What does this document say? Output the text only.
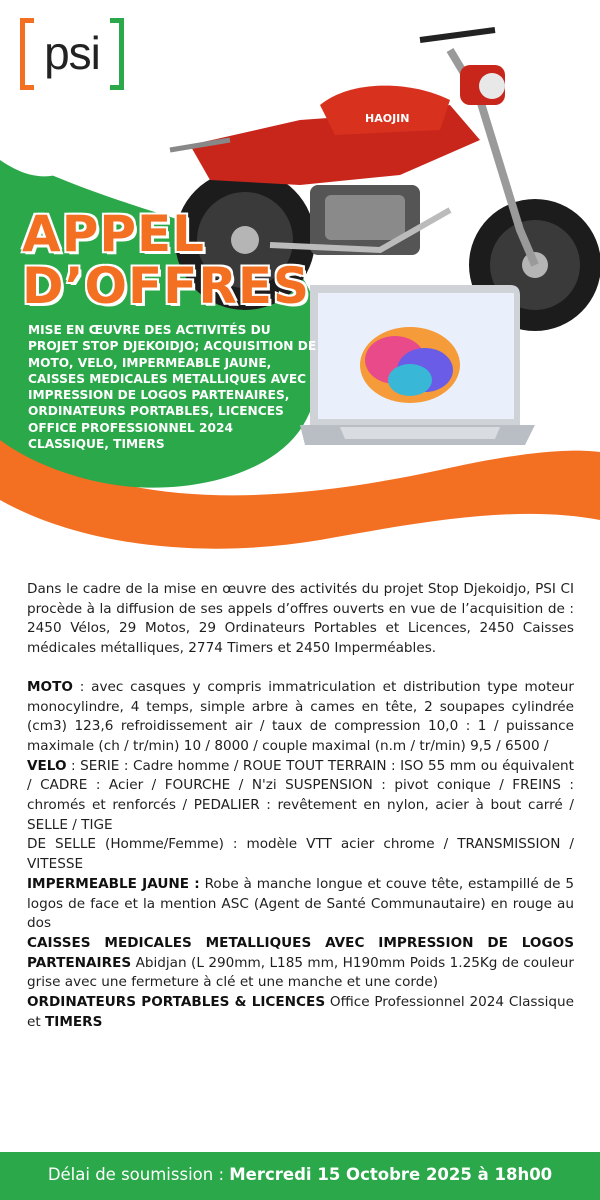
HAOJIN
psi
APPEL
D’OFFRES
MISE EN ŒUVRE DES ACTIVITÉS DU PROJET STOP DJEKOIDJO; ACQUISITION DE MOTO, VELO, IMPERMEABLE JAUNE, CAISSES MEDICALES METALLIQUES AVEC IMPRESSION DE LOGOS PARTENAIRES, ORDINATEURS PORTABLES, LICENCES OFFICE PROFESSIONNEL 2024 CLASSIQUE, TIMERS

Dans le cadre de la mise en œuvre des activités du projet Stop Djekoidjo, PSI CI procède à la diffusion de ses appels d’offres ouverts en vue de l’acquisition de : 2450 Vélos, 29 Motos, 29 Ordinateurs Portables et Licences, 2450 Caisses médicales métalliques, 2774 Timers et 2450 Imperméables.

MOTO : avec casques y compris immatriculation et distribution type moteur monocylindre, 4 temps, simple arbre à cames en tête, 2 soupapes cylindrée (cm3) 123,6 refroidissement air / taux de compression 10,0 : 1 / puissance maximale (ch / tr/min) 10 / 8000 / couple maximal (n.m / tr/min) 9,5 / 6500 /

VELO : SERIE : Cadre homme / ROUE TOUT TERRAIN : ISO 55 mm ou équivalent / CADRE : Acier / FOURCHE / N'zi SUSPENSION : pivot conique / FREINS : chromés et renforcés / PEDALIER : revêtement en nylon, acier à bout carré / SELLE / TIGE

DE SELLE (Homme/Femme) : modèle VTT acier chrome / TRANSMISSION / VITESSE

IMPERMEABLE JAUNE : Robe à manche longue et couve tête, estampillé de 5 logos de face et la mention ASC (Agent de Santé Communautaire) en rouge au dos

CAISSES MEDICALES METALLIQUES AVEC IMPRESSION DE LOGOS PARTENAIRES Abidjan (L 290mm, L185 mm, H190mm Poids 1.25Kg de couleur grise avec une fermeture à clé et une manche et une corde)

ORDINATEURS PORTABLES & LICENCES Office Professionnel 2024 Classique et TIMERS

Délai de soumission : Mercredi 15 Octobre 2025 à 18h00
